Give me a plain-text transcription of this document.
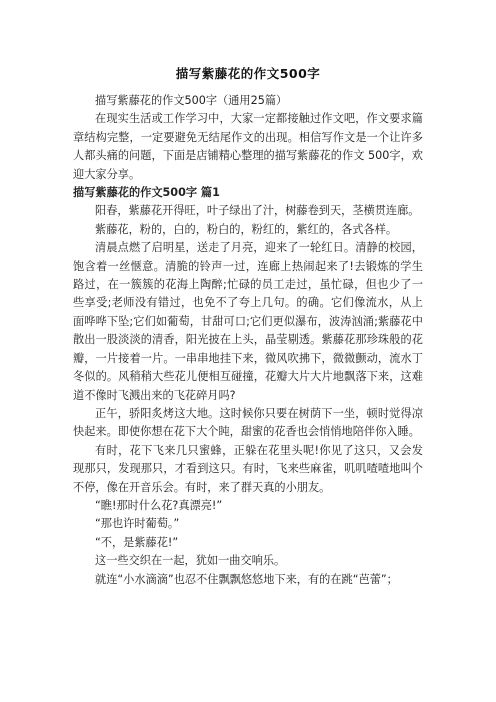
描写紫藤花的作文500字

描写紫藤花的作文500字（通用25篇）

在现实生活或工作学习中，大家一定都接触过作文吧，作文要求篇章结构完整，一定要避免无结尾作文的出现。相信写作文是一个让许多人都头痛的问题，下面是店铺精心整理的描写紫藤花的作文 500字，欢迎大家分享。

描写紫藤花的作文500字 篇1

阳春，紫藤花开得旺，叶子绿出了汁，树藤卷到天，茎横贯连廊。

紫藤花，粉的，白的，粉白的，粉红的，紫红的，各式各样。

清晨点燃了启明星，送走了月亮，迎来了一轮红日。清静的校园，饱含着一丝惬意。清脆的铃声一过，连廊上热闹起来了!去锻炼的学生路过，在一簇簇的花海上陶醉;忙碌的员工走过，虽忙碌，但也少了一些享受;老师没有错过，也免不了夸上几句。的确。它们像流水，从上面哗哗下坠;它们如葡萄，甘甜可口;它们更似瀑布，波涛汹涌;紫藤花中散出一股淡淡的清香，阳光披在上头，晶莹剔透。紫藤花那珍珠般的花瓣，一片接着一片。一串串地挂下来，微风吹拂下，微微颤动，流水丁冬似的。风稍稍大些花儿便相互碰撞，花瓣大片大片地飘落下来，这难道不像时飞溅出来的飞花碎月吗?

正午，骄阳炙烤这大地。这时候你只要在树荫下一坐，顿时觉得凉快起来。即使你想在花下大个盹，甜蜜的花香也会悄悄地陪伴你入睡。

有时，花下飞来几只蜜蜂，正躲在花里头呢!你见了这只，又会发现那只，发现那只，才看到这只。有时，飞来些麻雀，叽叽喳喳地叫个不停，像在开音乐会。有时，来了群天真的小朋友。

“瞧!那时什么花?真漂亮!”

“那也许时葡萄。”

“不，是紫藤花!”

这一些交织在一起，犹如一曲交响乐。

就连“小水滴滴”也忍不住飘飘悠悠地下来，有的在跳“芭蕾”；
